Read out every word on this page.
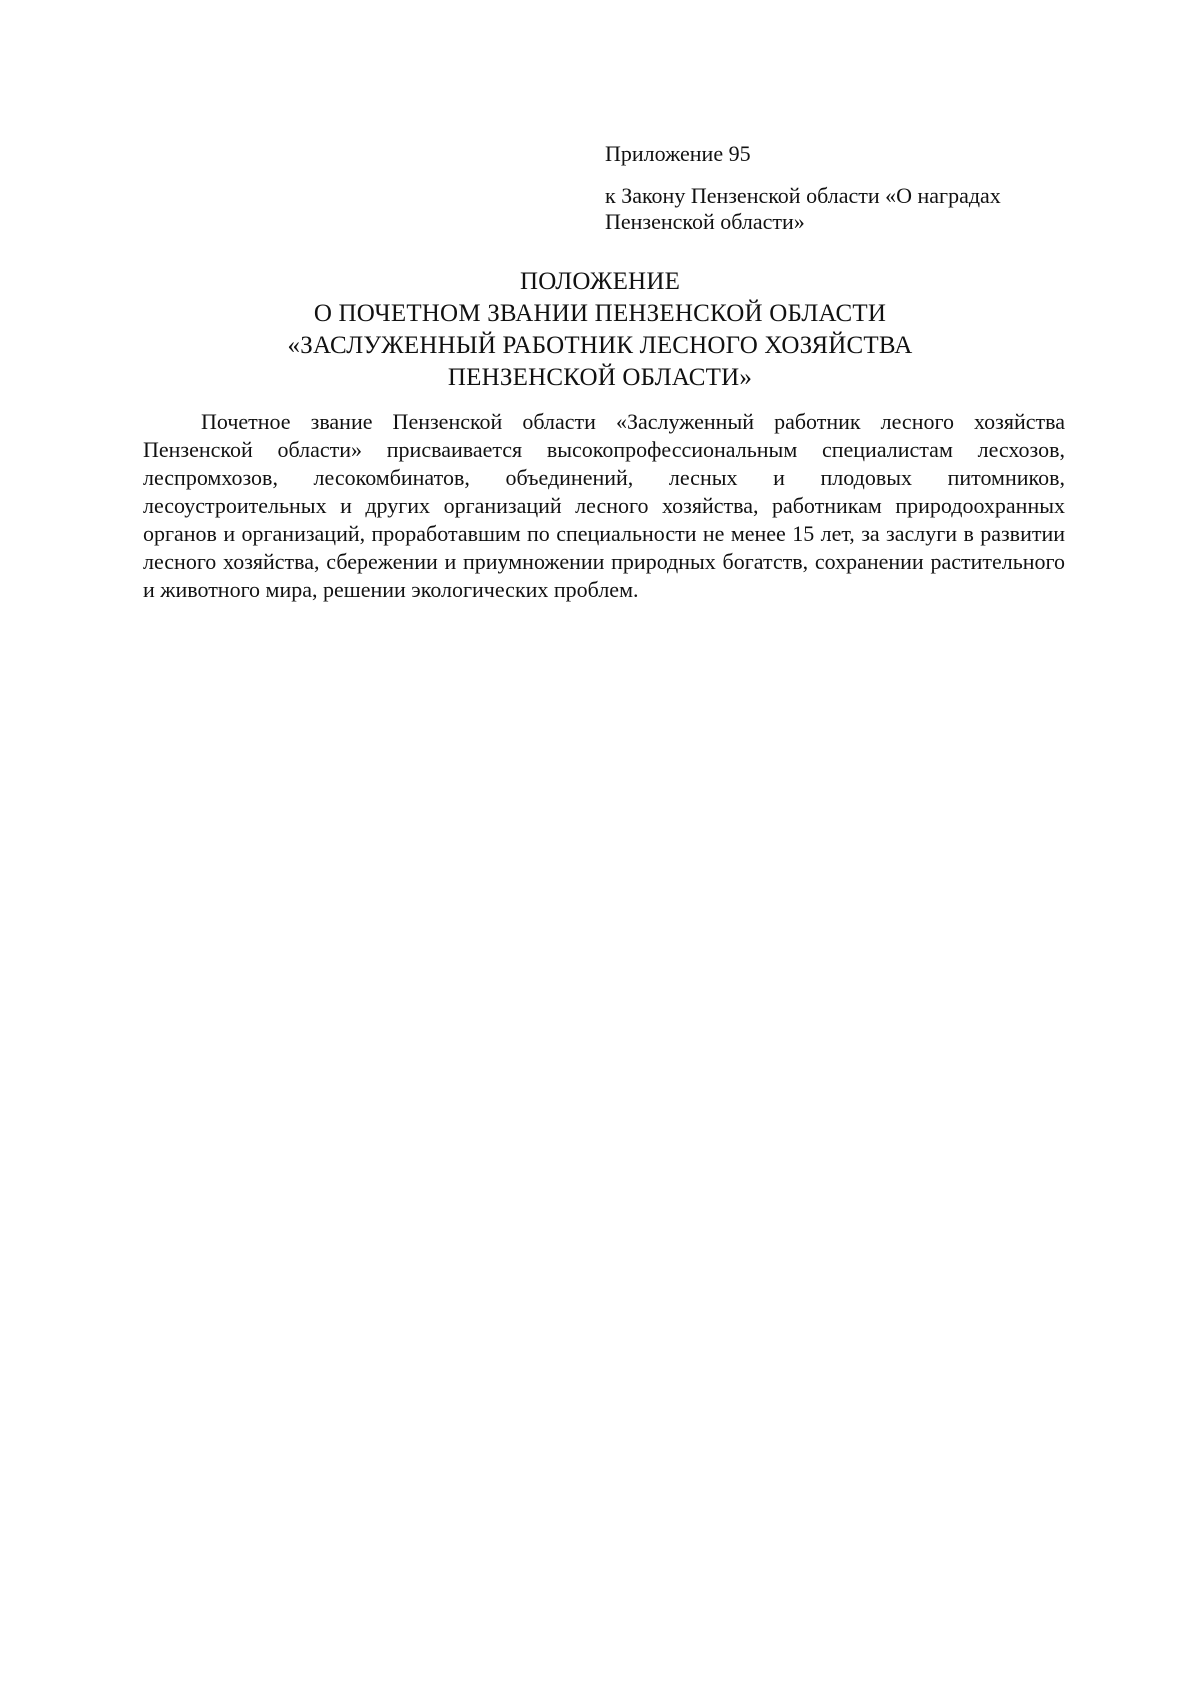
Приложение 95

к Закону Пензенской области «О наградах
Пензенской области»

ПОЛОЖЕНИЕ
О ПОЧЕТНОМ ЗВАНИИ ПЕНЗЕНСКОЙ ОБЛАСТИ
«ЗАСЛУЖЕННЫЙ РАБОТНИК ЛЕСНОГО ХОЗЯЙСТВА
ПЕНЗЕНСКОЙ ОБЛАСТИ»

Почетное звание Пензенской области «Заслуженный работник лесного хозяйства Пензенской области» присваивается высокопрофессиональным специалистам лесхозов, леспромхозов, лесокомбинатов, объединений, лесных и плодовых питомников, лесоустроительных и других организаций лесного хозяйства, работникам природоохранных органов и организаций, проработавшим по специальности не менее 15 лет, за заслуги в развитии лесного хозяйства, сбережении и приумножении природных богатств, сохранении растительного и животного мира, решении экологических проблем.
